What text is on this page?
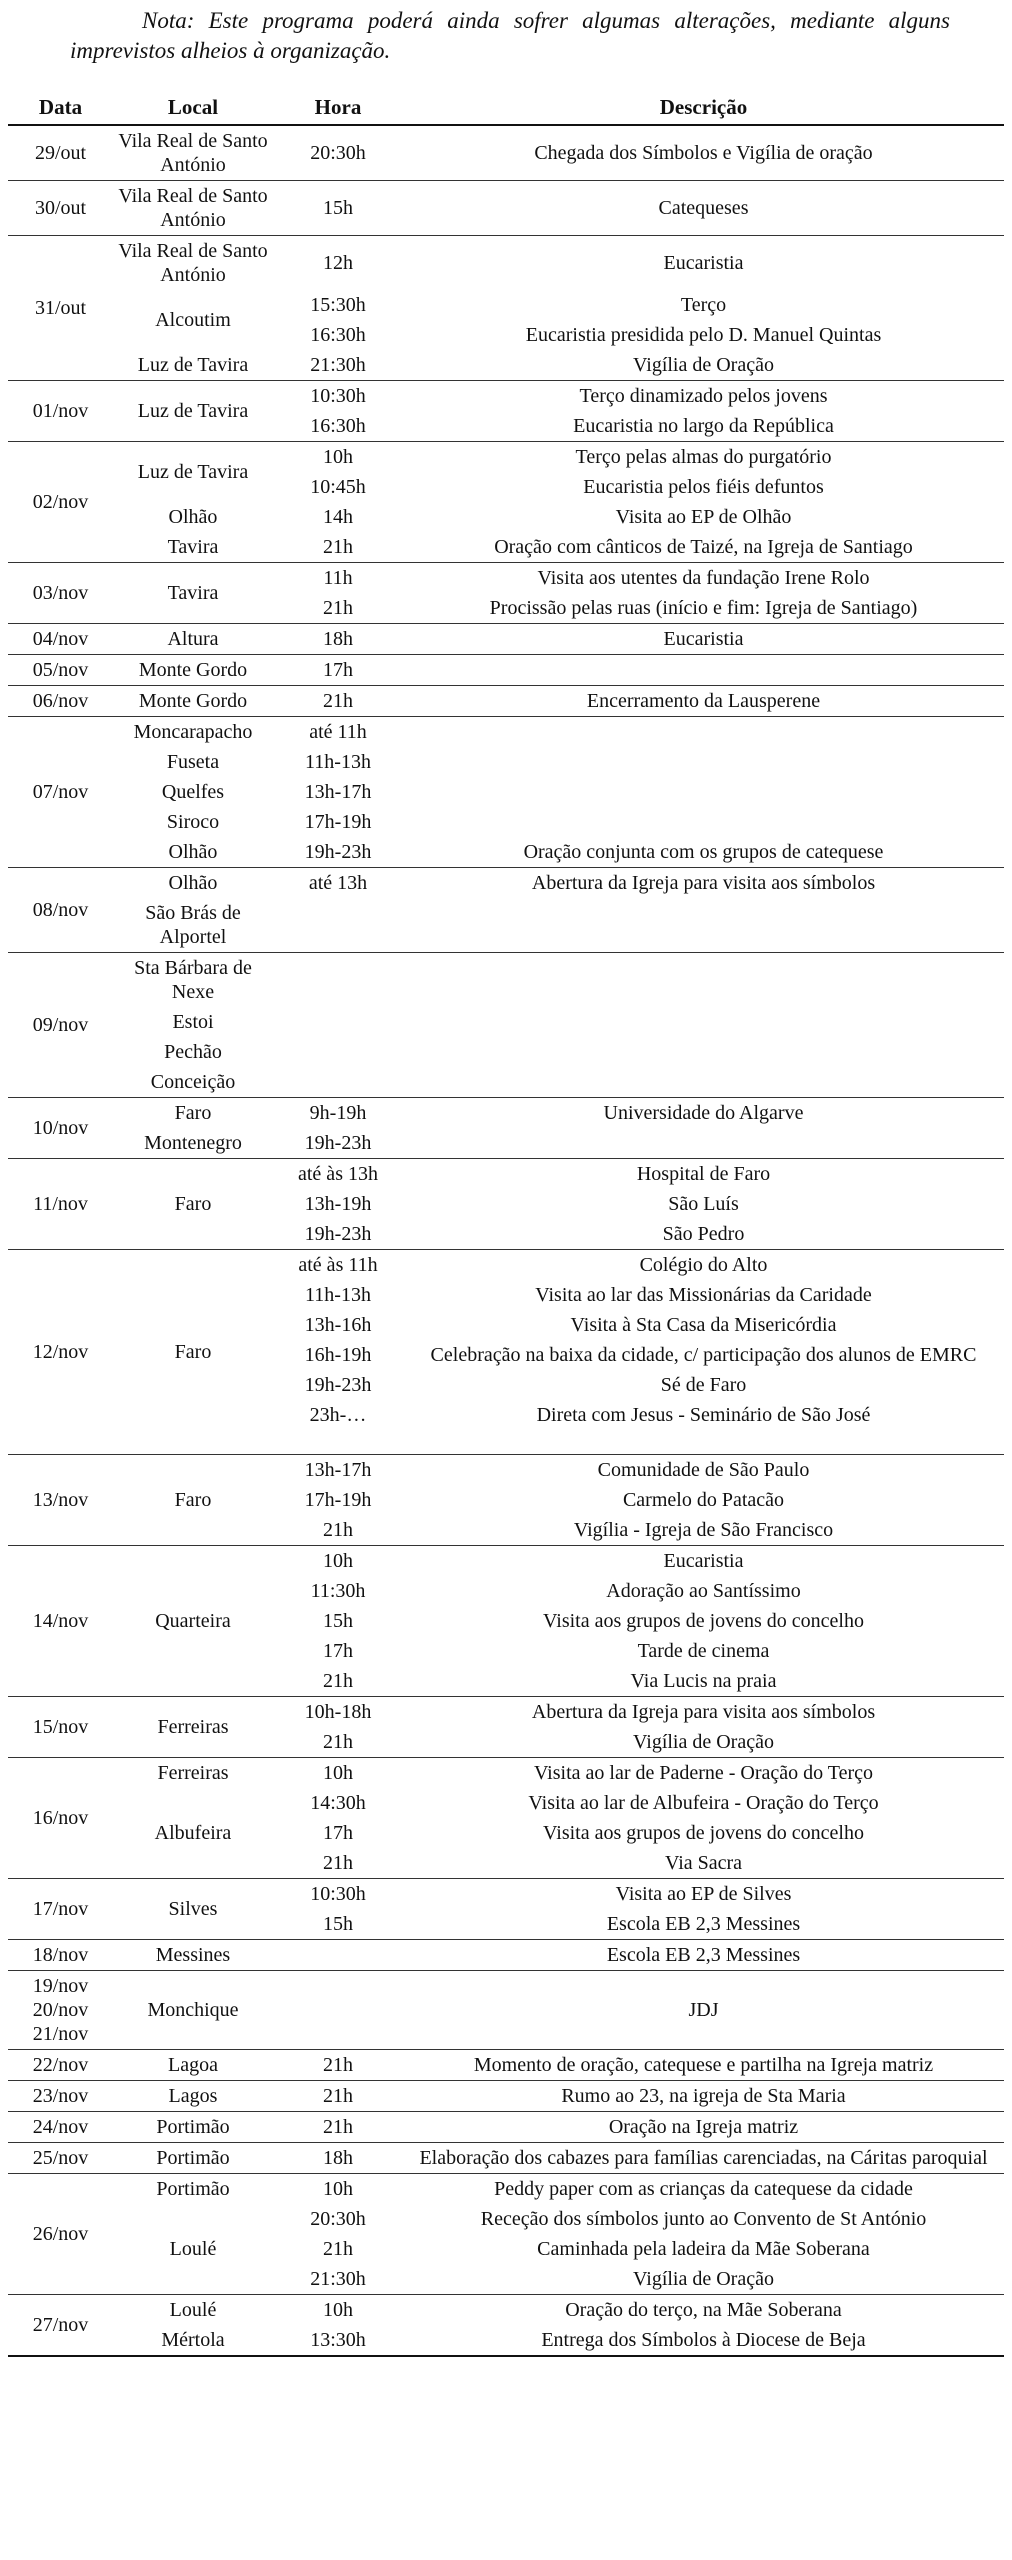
Nota: Este programa poderá ainda sofrer algumas alterações, mediante alguns imprevistos alheios à organização.
Data	Local	Hora	Descrição
29/out	Vila Real de Santo António	20:30h	Chegada dos Símbolos e Vigília de oração
30/out	Vila Real de Santo António	15h	Catequeses
31/out	Vila Real de Santo António	12h	Eucaristia
	Alcoutim	15:30h	Terço
		16:30h	Eucaristia presidida pelo D. Manuel Quintas
	Luz de Tavira	21:30h	Vigília de Oração
01/nov	Luz de Tavira	10:30h	Terço dinamizado pelos jovens
		16:30h	Eucaristia no largo da República
02/nov	Luz de Tavira	10h	Terço pelas almas do purgatório
		10:45h	Eucaristia pelos fiéis defuntos
	Olhão	14h	Visita ao EP de Olhão
	Tavira	21h	Oração com cânticos de Taizé, na Igreja de Santiago
03/nov	Tavira	11h	Visita aos utentes da fundação Irene Rolo
		21h	Procissão pelas ruas (início e fim: Igreja de Santiago)
04/nov	Altura	18h	Eucaristia
05/nov	Monte Gordo	17h	
06/nov	Monte Gordo	21h	Encerramento da Lausperene
07/nov	Moncarapacho	até 11h	
	Fuseta	11h-13h	
	Quelfes	13h-17h	
	Siroco	17h-19h	
	Olhão	19h-23h	Oração conjunta com os grupos de catequese
08/nov	Olhão	até 13h	Abertura da Igreja para visita aos símbolos
	São Brás de Alportel		
09/nov	Sta Bárbara de Nexe		
	Estoi		
	Pechão		
	Conceição		
10/nov	Faro	9h-19h	Universidade do Algarve
	Montenegro	19h-23h	
11/nov	Faro	até às 13h	Hospital de Faro
		13h-19h	São Luís
		19h-23h	São Pedro
12/nov	Faro	até às 11h	Colégio do Alto
		11h-13h	Visita ao lar das Missionárias da Caridade
		13h-16h	Visita à Sta Casa da Misericórdia
		16h-19h	Celebração na baixa da cidade, c/ participação dos alunos de EMRC
		19h-23h	Sé de Faro
		23h-…	Direta com Jesus - Seminário de São José

13/nov	Faro	13h-17h	Comunidade de São Paulo
		17h-19h	Carmelo do Patacão
		21h	Vigília - Igreja de São Francisco
14/nov	Quarteira	10h	Eucaristia
		11:30h	Adoração ao Santíssimo
		15h	Visita aos grupos de jovens do concelho
		17h	Tarde de cinema
		21h	Via Lucis na praia
15/nov	Ferreiras	10h-18h	Abertura da Igreja para visita aos símbolos
		21h	Vigília de Oração
16/nov	Ferreiras	10h	Visita ao lar de Paderne - Oração do Terço
	Albufeira	14:30h	Visita ao lar de Albufeira - Oração do Terço
		17h	Visita aos grupos de jovens do concelho
		21h	Via Sacra
17/nov	Silves	10:30h	Visita ao EP de Silves
		15h	Escola EB 2,3 Messines
18/nov	Messines		Escola EB 2,3 Messines
19/nov
20/nov
21/nov	Monchique		JDJ
22/nov	Lagoa	21h	Momento de oração, catequese e partilha na Igreja matriz
23/nov	Lagos	21h	Rumo ao 23, na igreja de Sta Maria
24/nov	Portimão	21h	Oração na Igreja matriz
25/nov	Portimão	18h	Elaboração dos cabazes para famílias carenciadas, na Cáritas paroquial
26/nov	Portimão	10h	Peddy paper com as crianças da catequese da cidade
	Loulé	20:30h	Receção dos símbolos junto ao Convento de St António
		21h	Caminhada pela ladeira da Mãe Soberana
		21:30h	Vigília de Oração
27/nov	Loulé	10h	Oração do terço, na Mãe Soberana
	Mértola	13:30h	Entrega dos Símbolos à Diocese de Beja
